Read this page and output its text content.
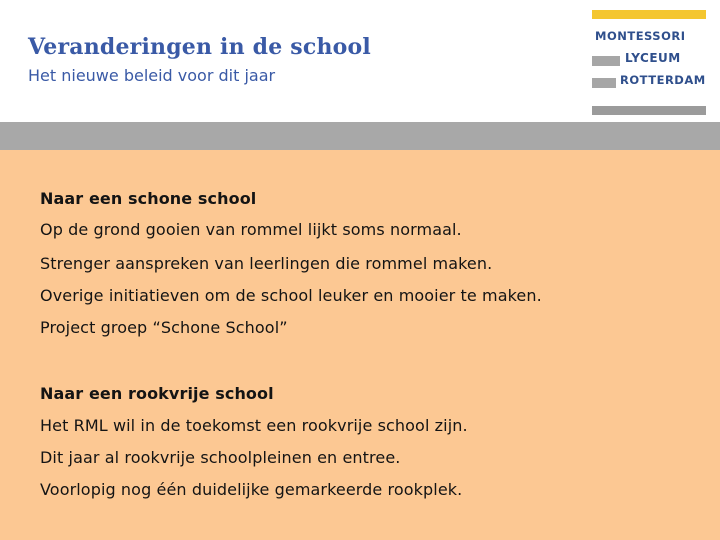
Veranderingen in de school
Het nieuwe beleid voor dit jaar
MONTESSORI
LYCEUM
ROTTERDAM
Naar een schone school
Op de grond gooien van rommel lijkt soms normaal.
Strenger aanspreken van leerlingen die rommel maken.
Overige initiatieven om de school leuker en mooier te maken.
Project groep “Schone School”
Naar een rookvrije school
Het RML wil in de toekomst een rookvrije school zijn.
Dit jaar al rookvrije schoolpleinen en entree.
Voorlopig nog één duidelijke gemarkeerde rookplek.
